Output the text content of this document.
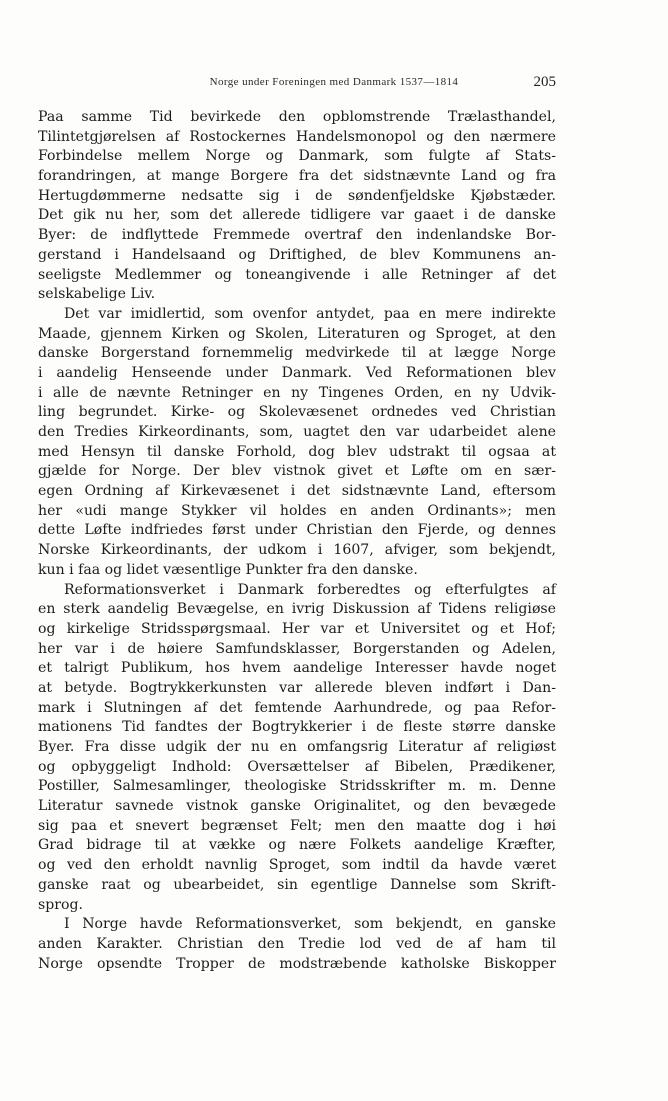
Norge under Foreningen med Danmark 1537—1814	205

Paa samme Tid bevirkede den opblomstrende Trælasthandel,
Tilintetgjørelsen af Rostockernes Handelsmonopol og den nærmere
Forbindelse mellem Norge og Danmark, som fulgte af Stats-
forandringen, at mange Borgere fra det sidstnævnte Land og fra
Hertugdømmerne nedsatte sig i de søndenfjeldske Kjøbstæder.
Det gik nu her, som det allerede tidligere var gaaet i de danske
Byer: de indflyttede Fremmede overtraf den indenlandske Bor-
gerstand i Handelsaand og Driftighed, de blev Kommunens an-
seeligste Medlemmer og toneangivende i alle Retninger af det
selskabelige Liv.

Det var imidlertid, som ovenfor antydet, paa en mere indirekte
Maade, gjennem Kirken og Skolen, Literaturen og Sproget, at den
danske Borgerstand fornemmelig medvirkede til at lægge Norge
i aandelig Henseende under Danmark. Ved Reformationen blev
i alle de nævnte Retninger en ny Tingenes Orden, en ny Udvik-
ling begrundet. Kirke- og Skolevæsenet ordnedes ved Christian
den Tredies Kirkeordinants, som, uagtet den var udarbeidet alene
med Hensyn til danske Forhold, dog blev udstrakt til ogsaa at
gjælde for Norge. Der blev vistnok givet et Løfte om en sær-
egen Ordning af Kirkevæsenet i det sidstnævnte Land, eftersom
her «udi mange Stykker vil holdes en anden Ordinants»; men
dette Løfte indfriedes først under Christian den Fjerde, og dennes
Norske Kirkeordinants, der udkom i 1607, afviger, som bekjendt,
kun i faa og lidet væsentlige Punkter fra den danske.

Reformationsverket i Danmark forberedtes og efterfulgtes af
en sterk aandelig Bevægelse, en ivrig Diskussion af Tidens religiøse
og kirkelige Stridsspørgsmaal. Her var et Universitet og et Hof;
her var i de høiere Samfundsklasser, Borgerstanden og Adelen,
et talrigt Publikum, hos hvem aandelige Interesser havde noget
at betyde. Bogtrykkerkunsten var allerede bleven indført i Dan-
mark i Slutningen af det femtende Aarhundrede, og paa Refor-
mationens Tid fandtes der Bogtrykkerier i de fleste større danske
Byer. Fra disse udgik der nu en omfangsrig Literatur af religiøst
og opbyggeligt Indhold: Oversættelser af Bibelen, Prædikener,
Postiller, Salmesamlinger, theologiske Stridsskrifter m. m. Denne
Literatur savnede vistnok ganske Originalitet, og den bevægede
sig paa et snevert begrænset Felt; men den maatte dog i høi
Grad bidrage til at vække og nære Folkets aandelige Kræfter,
og ved den erholdt navnlig Sproget, som indtil da havde været
ganske raat og ubearbeidet, sin egentlige Dannelse som Skrift-
sprog.

I Norge havde Reformationsverket, som bekjendt, en ganske
anden Karakter. Christian den Tredie lod ved de af ham til
Norge opsendte Tropper de modstræbende katholske Biskopper
